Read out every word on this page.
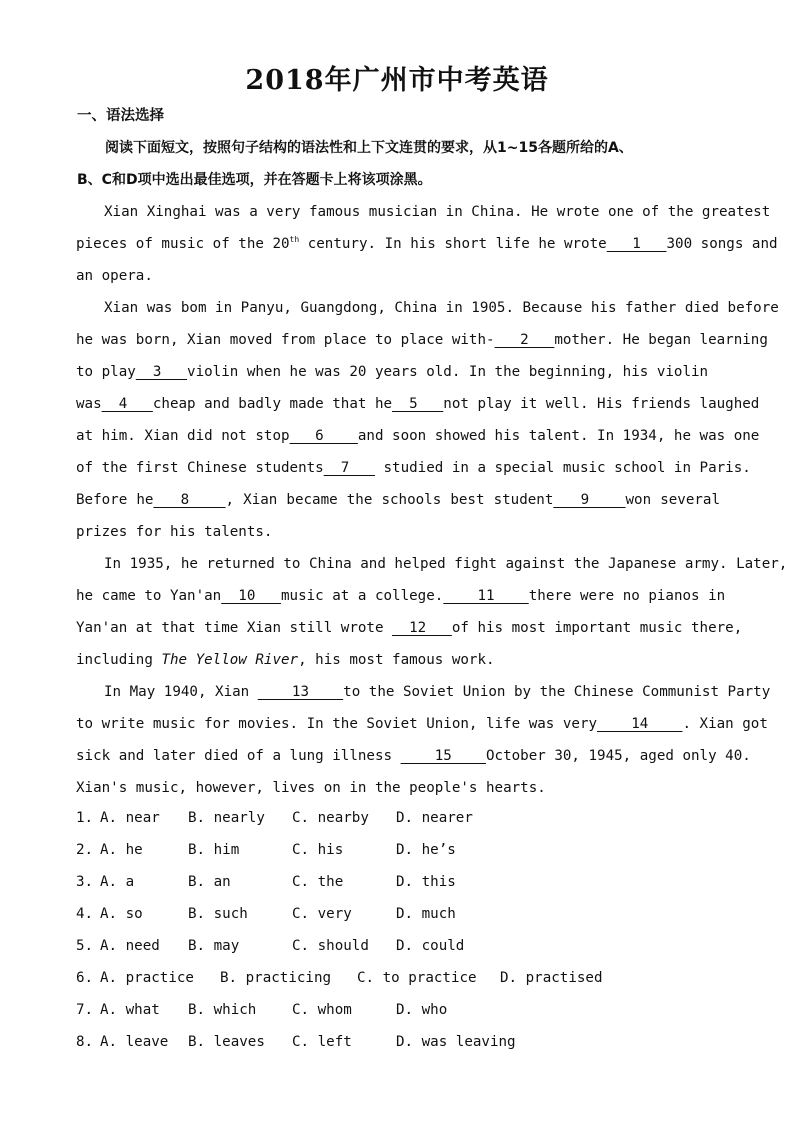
2018年广州市中考英语
一、语法选择
阅读下面短文，按照句子结构的语法性和上下文连贯的要求，从1~15各题所给的A、
B、C和D项中选出最佳选项，并在答题卡上将该项涂黑。
Xian Xinghai was a very famous musician in China. He wrote one of the greatest
pieces of music of the 20th century. In his short life he wrote   1   300 songs and
an opera.
Xian was bom in Panyu, Guangdong, China in 1905. Because his father died before
he was born, Xian moved from place to place with-   2   mother. He began learning
to play  3   violin when he was 20 years old. In the beginning, his violin
was  4   cheap and badly made that he  5   not play it well. His friends laughed
at him. Xian did not stop   6    and soon showed his talent. In 1934, he was one
of the first Chinese students  7    studied in a special music school in Paris.
Before he   8    , Xian became the schools best student   9    won several
prizes for his talents.
In 1935, he returned to China and helped fight against the Japanese army. Later,
he came to Yan'an  10   music at a college.    11    there were no pianos in
Yan'an at that time Xian still wrote   12   of his most important music there,
including The Yellow River, his most famous work.
In May 1940, Xian     13    to the Soviet Union by the Chinese Communist Party
to write music for movies. In the Soviet Union, life was very    14    . Xian got
sick and later died of a lung illness     15    October 30, 1945, aged only 40.
Xian's music, however, lives on in the people's hearts.
1. A. near B. nearly C. nearby D. nearer
2. A. he	B. him	C. his	D. he’s
3. A. a	B. an	C. the	D. this
4. A. so	B. such	C. very	D. much
5. A. need B. may	C. should D. could
6. A. practice B. practicing C. to practice D. practised
7. A. what B. which	C. whom	D. who
8. A. leave B. leaves C. left	D. was leaving
